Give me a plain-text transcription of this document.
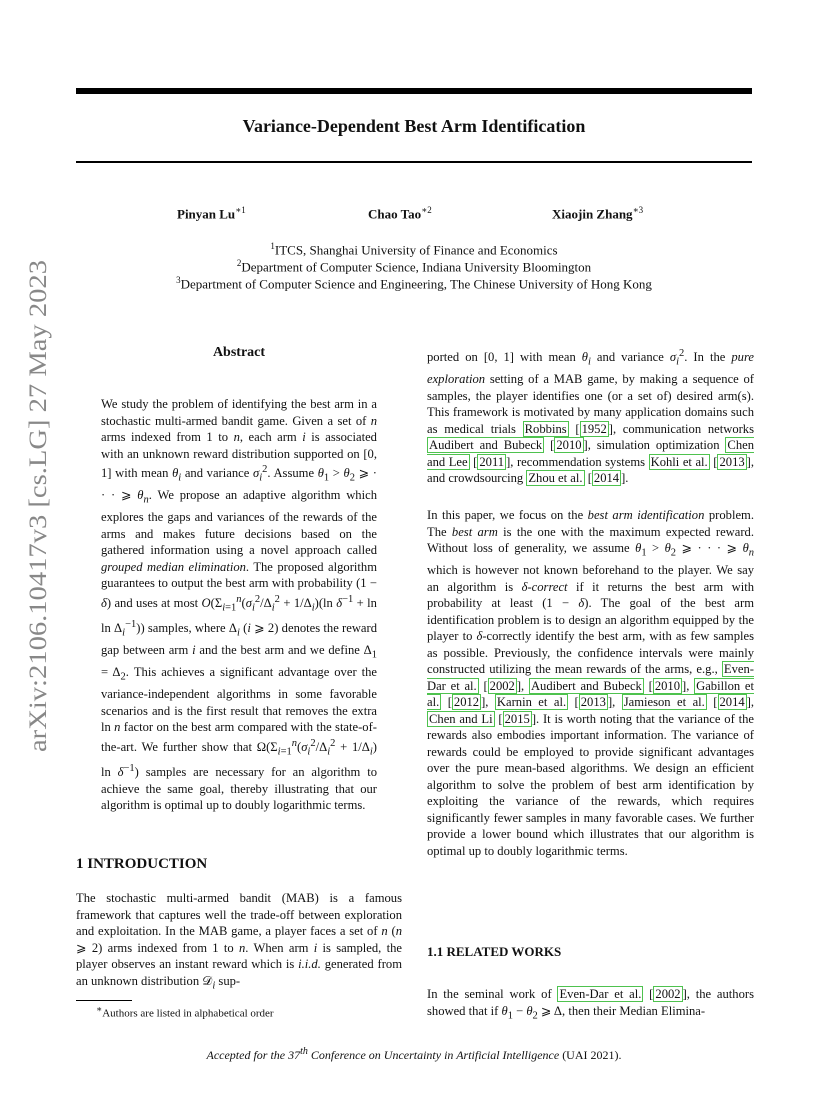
Variance-Dependent Best Arm Identification
Pinyan $Lu^{∗1}$	Chao Tao$^{∗2}$	Xiaojin Zhang$^{∗3}$
$^1$ITCS, Shanghai University of Finance and Economics
$^2$Department of Computer Science, Indiana University Bloomington
$^3$Department of Computer Science and Engineering, The Chinese University of Hong Kong
arXiv:2106.10417v3 [cs.LG] 27 May 2023	Abstract

We study the problem of identifying the best arm in a stochastic multi-armed bandit game. Given a set of n arms indexed from 1 to n, each arm i is associated with an unknown reward distribution supported on [0, 1] with mean $\theta_i$ and variance $\sigma_i^2$. Assume $\theta_1 > \theta_2$ ⩾ · · · ⩾ $\theta_n$. We propose an adaptive algorithm which explores the gaps and variances of the rewards of the arms and makes future decisions based on the gathered information using a novel approach called grouped median elimination. The proposed algorithm guarantees to output the best arm with probability (1 − δ) and uses at most $O(\Sigma_{i=1}^n(\sigma_i^2/\Delta_i^2 + 1/\Delta_i)(\ln$ $\delta^{-1} + \ln \ln \Delta_i^{-1}$)) samples, where $\Delta_i$ (i ⩾ 2) denotes the reward gap between arm i and the best arm and we define $\Delta_1 = \Delta_2$. This achieves a significant advantage over the variance-independent algorithms in some favorable scenarios and is the first result that removes the extra ln n factor on the best arm compared with the state-of-the-art. We further show that $\Omega(\Sigma_{i=1}^n(\sigma_i^2/\Delta_i^2 + 1/\Delta_i)$ $\ln \delta^{-1}$) samples are necessary for an algorithm to achieve the same goal, thereby illustrating that our algorithm is optimal up to doubly logarithmic terms.

1 INTRODUCTION

The stochastic multi-armed bandit (MAB) is a famous framework that captures well the trade-off between exploration and exploitation. In the MAB game, a player faces a set of n (n ⩾ 2) arms indexed from 1 to n. When arm i is sampled, the player observes an instant reward which is i.i.d. generated from an unknown distribution 𝒟$_i$ sup-

∗Authors are listed in alphabetical order

ported on [0, 1] with mean $\theta_i$ and variance $\sigma_i^2$. In the pure exploration setting of a MAB game, by making a sequence of samples, the player identifies one (or a set of) desired arm(s). This framework is motivated by many application domains such as medical trials Robbins [ 1952 ], communication networks Audibert and Bubeck [ 2010 ], simulation optimization Chen and Lee [ 2011 ], recommendation systems Kohli et al. [ 2013 ], and crowdsourcing Zhou et al. [ 2014 ].

In this paper, we focus on the best arm identification problem. The best arm is the one with the maximum expected reward. Without loss of generality, we assume $\theta_1 > \theta_2$ ⩾ · · · ⩾ $\theta_n$ which is however not known beforehand to the player. We say an algorithm is δ-correct if it returns the best arm with probability at least (1 − δ). The goal of the best arm identification problem is to design an algorithm equipped by the player to δ-correctly identify the best arm, with as few samples as possible. Previously, the confidence intervals were mainly constructed utilizing the mean rewards of the arms, e.g., Even-Dar et al. [ 2002 ], Audibert and Bubeck [ 2010 ], Gabillon et al. [ 2012 ], Karnin et al. [ 2013 ], Jamieson et al. [ 2014 ], Chen and Li [ 2015 ]. It is worth noting that the variance of the rewards also embodies important information. The variance of rewards could be employed to provide significant advantages over the pure mean-based algorithms. We design an efficient algorithm to solve the problem of best arm identification by exploiting the variance of the rewards, which requires significantly fewer samples in many favorable cases. We further provide a lower bound which illustrates that our algorithm is optimal up to doubly logarithmic terms.

1.1 RELATED WORKS

In the seminal work of Even-Dar et al. [ 2002 ], the authors showed that if $\theta_1 - \theta_2$ ⩾ Δ, then their Median Elimina-

Accepted for the 37th Conference on Uncertainty in Artificial Intelligence (UAI 2021).
